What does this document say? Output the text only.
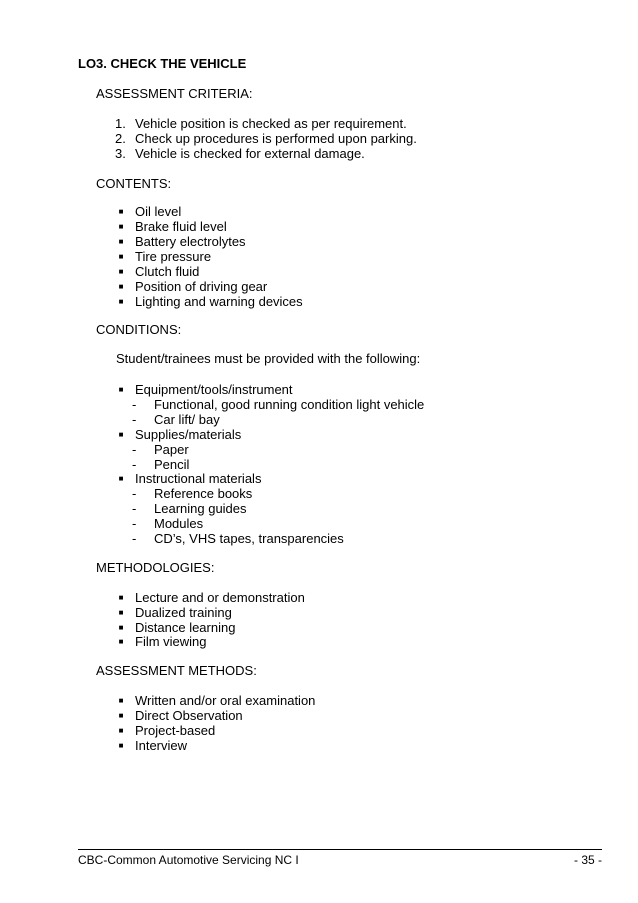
LO3. CHECK THE VEHICLE
ASSESSMENT CRITERIA:
1. Vehicle position is checked as per requirement.
2. Check up procedures is performed upon parking.
3. Vehicle is checked for external damage.
CONTENTS:
■ Oil level
■ Brake fluid level
■ Battery electrolytes
■ Tire pressure
■ Clutch fluid
■ Position of driving gear
■ Lighting and warning devices
CONDITIONS:
Student/trainees must be provided with the following:
■ Equipment/tools/instrument
- Functional, good running condition light vehicle
- Car lift/ bay
■ Supplies/materials
- Paper
- Pencil
■ Instructional materials
- Reference books
- Learning guides
- Modules
- CD’s, VHS tapes, transparencies
METHODOLOGIES:
■ Lecture and or demonstration
■ Dualized training
■ Distance learning
■ Film viewing
ASSESSMENT METHODS:
■ Written and/or oral examination
■ Direct Observation
■ Project-based
■ Interview
CBC-Common Automotive Servicing NC I	- 35 -
